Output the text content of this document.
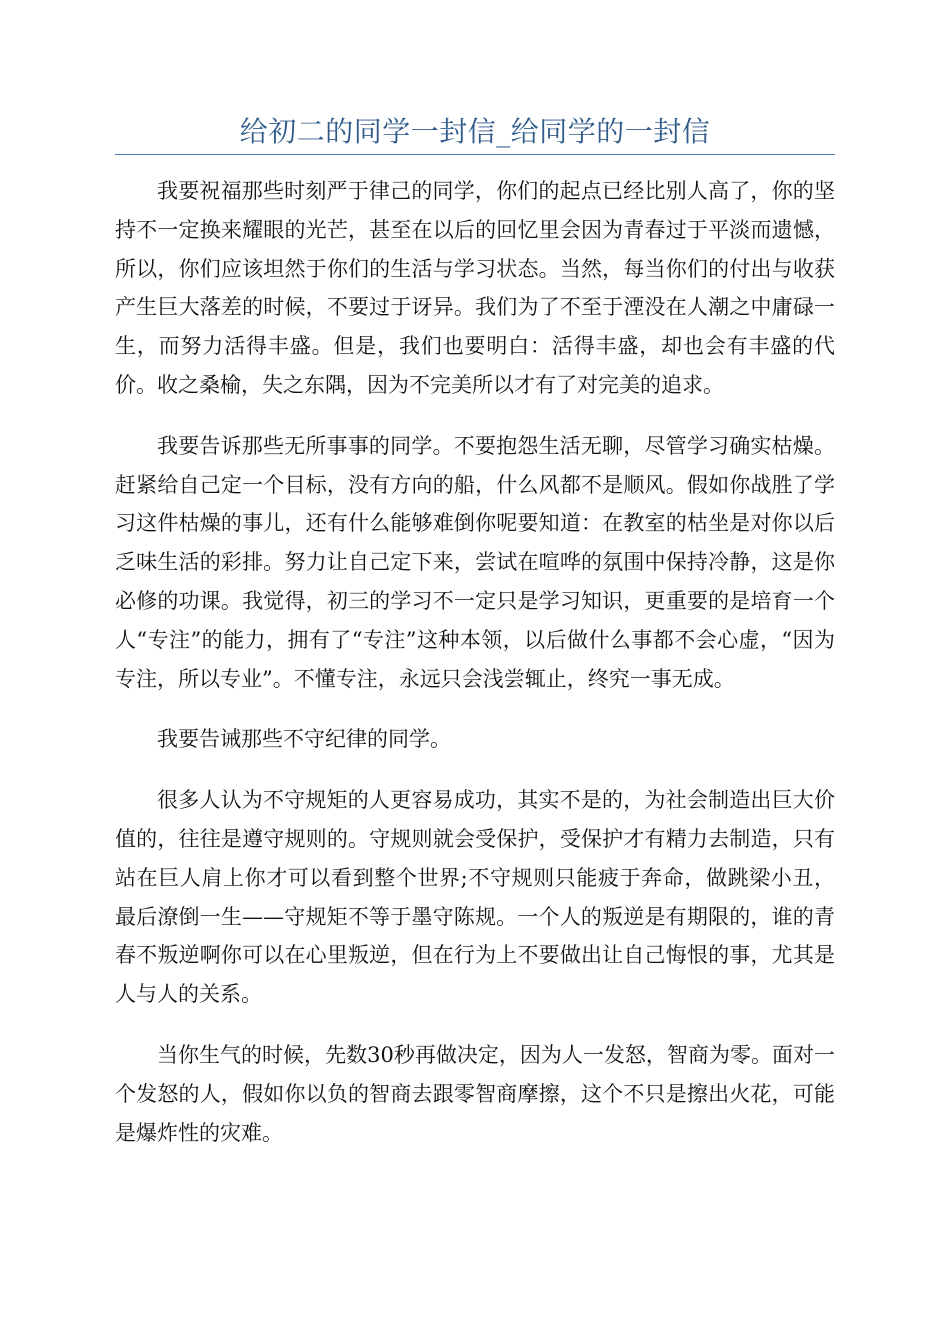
给初二的同学一封信_给同学的一封信

我要祝福那些时刻严于律己的同学，你们的起点已经比别人高了，你的坚持不一定换来耀眼的光芒，甚至在以后的回忆里会因为青春过于平淡而遗憾，所以，你们应该坦然于你们的生活与学习状态。当然，每当你们的付出与收获产生巨大落差的时候，不要过于讶异。我们为了不至于湮没在人潮之中庸碌一生，而努力活得丰盛。但是，我们也要明白：活得丰盛，却也会有丰盛的代价。收之桑榆，失之东隅，因为不完美所以才有了对完美的追求。

我要告诉那些无所事事的同学。不要抱怨生活无聊，尽管学习确实枯燥。赶紧给自己定一个目标，没有方向的船，什么风都不是顺风。假如你战胜了学习这件枯燥的事儿，还有什么能够难倒你呢要知道：在教室的枯坐是对你以后乏味生活的彩排。努力让自己定下来，尝试在喧哗的氛围中保持冷静，这是你必修的功课。我觉得，初三的学习不一定只是学习知识，更重要的是培育一个人“专注”的能力，拥有了“专注”这种本领，以后做什么事都不会心虚，“因为专注，所以专业”。不懂专注，永远只会浅尝辄止，终究一事无成。

我要告诫那些不守纪律的同学。

很多人认为不守规矩的人更容易成功，其实不是的，为社会制造出巨大价值的，往往是遵守规则的。守规则就会受保护，受保护才有精力去制造，只有站在巨人肩上你才可以看到整个世界;不守规则只能疲于奔命，做跳梁小丑，最后潦倒一生——守规矩不等于墨守陈规。一个人的叛逆是有期限的，谁的青春不叛逆啊你可以在心里叛逆，但在行为上不要做出让自己悔恨的事，尤其是人与人的关系。

当你生气的时候，先数30秒再做决定，因为人一发怒，智商为零。面对一个发怒的人，假如你以负的智商去跟零智商摩擦，这个不只是擦出火花，可能是爆炸性的灾难。
